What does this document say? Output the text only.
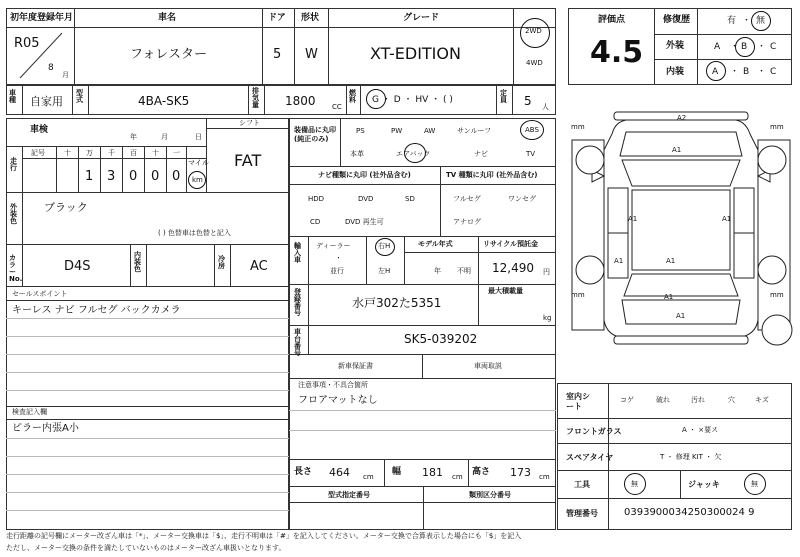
初年度登録年月
R05
8
月
車名
フォレスター
ドア
5
形状
W
グレード
XT-EDITION
2WD
4WD
評価点
4.5
修復歴	有 ・ 無
外装	A ・ B ・ C
内装	A ・ B ・ C
車種 自家用
型式	4BA-SK5
排気量 1800 CC
燃料	G ・ D ・ HV ・ ( )
定員 5 人
車検
年	月	日
シフト
FAT
走行
記号	十 万 千 百 十 一
マイル
1 3 0 0 0 km
外装色
ブラック
( ) 色替車は色替と記入
カラー No.
D4S
内装色
冷房 AC
セールスポイント
キーレス ナビ フルセグ バックカメラ
検査記入欄
ピラー内張A小
装備品に丸印 (純正のみ)
PS	PW	AW	サンルーフ	ABS
本革	エアバック	ナビ	TV
ナビ種類に丸印 (社外品含む)	TV 種類に丸印 (社外品含む)
HDD	DVD	SD
CD	DVD 再生可
フルセグ	ワンセグ
アナログ
輸入車
ディーラー
・
並行
右H
左H
モデル年式
年 不明
リサイクル預託金
12,490 円
登録番号
水戸302た5351
最大積載量
kg
車台番号
SK5-039202
新車保証書	車両取説
注意事項・不具合箇所
フロアマットなし
長さ 464 cm 幅 181 cm 高さ 173 cm
型式指定番号	類別区分番号
A2
A1
A1	A1
A1
A1
A1
A1
mm	mm
mm	mm
室内シート
コゲ	破れ	汚れ	穴	キズ
フロントガラス	A ・ ×要ス
スペアタイヤ	T ・ 修理 KIT ・ 欠
工具	無	ジャッキ	無
管理番号	0393900034250300024 9
走行距離の記号欄にメーター改ざん車は「*」、メーター交換車は「$」、走行不明車は「#」を記入してください。メーター交換で合算表示した場合にも「$」を記入
ただし、メーター交換の条件を満たしていないものはメーター改ざん車扱いとなります。
